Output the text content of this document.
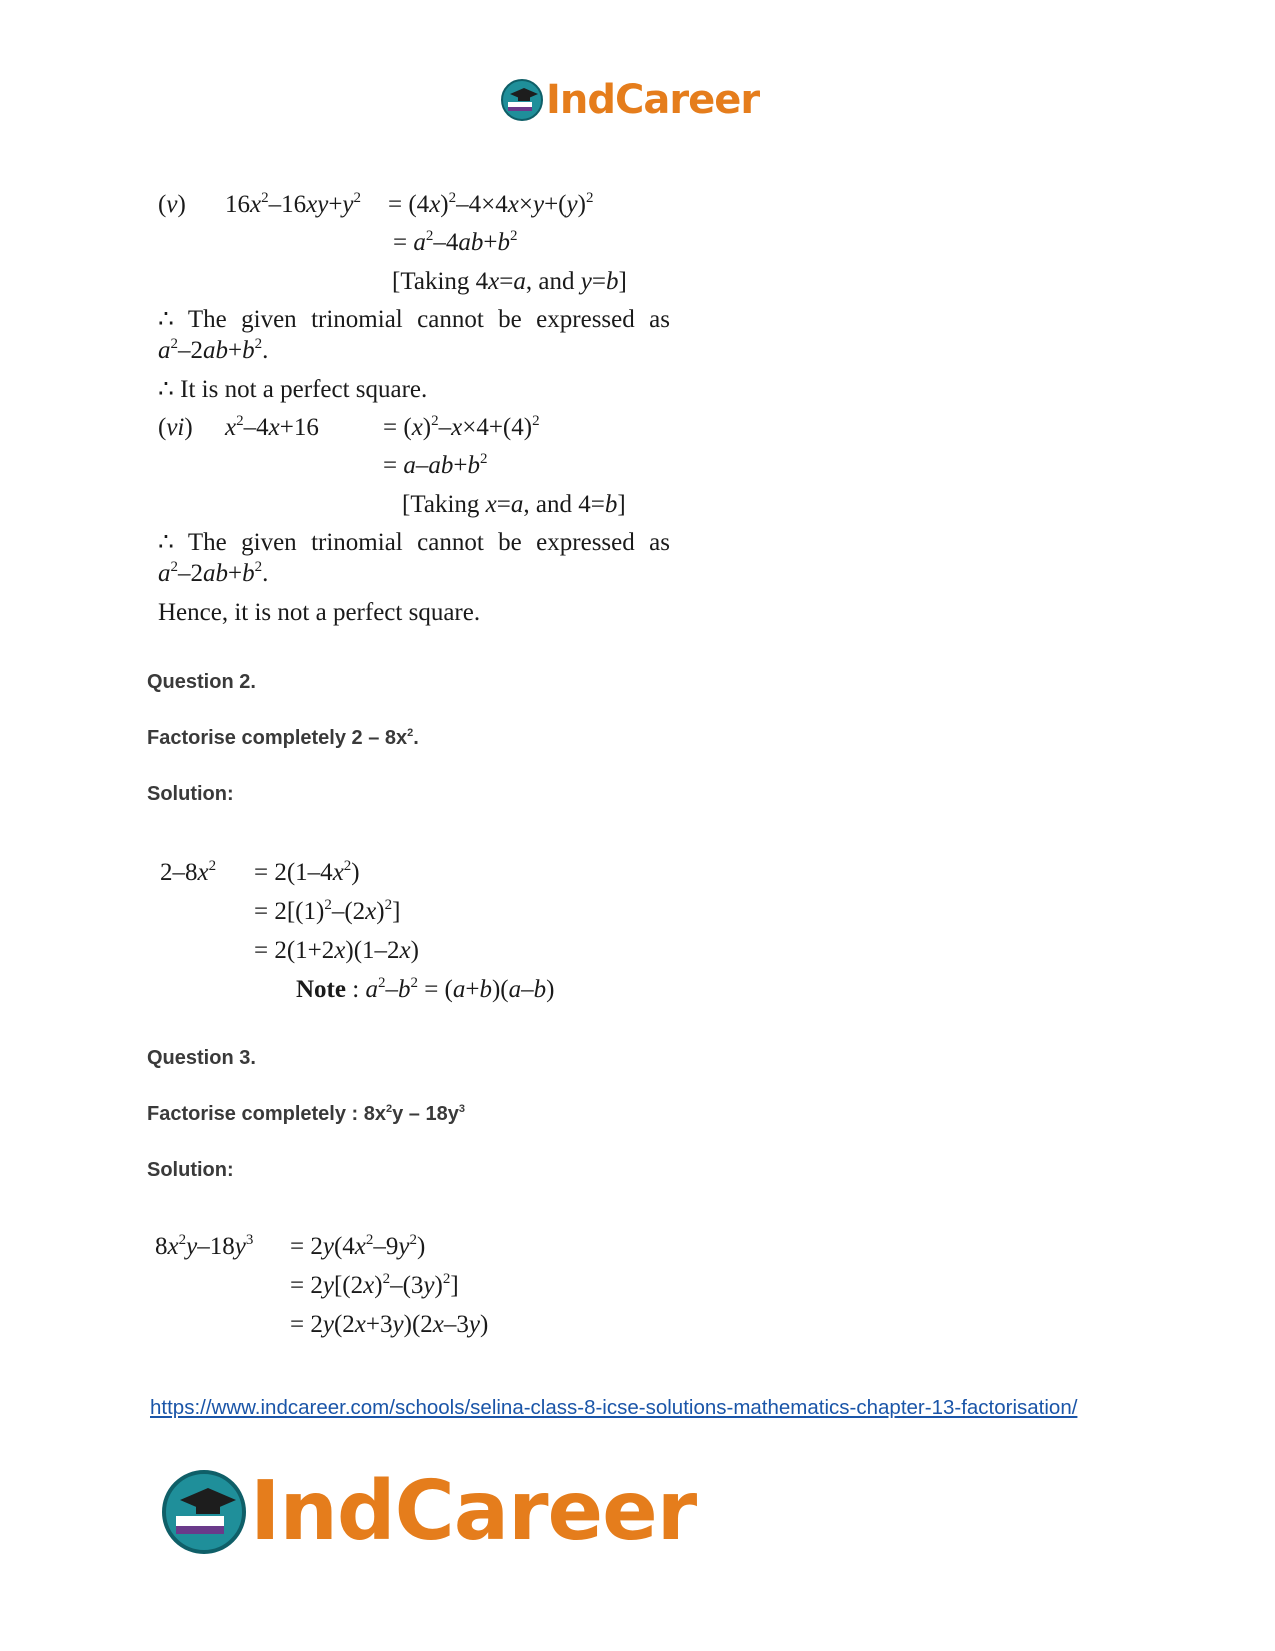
IndCareer
(v) $16x^2-16xy+y^2 = (4x)^2-4\times 4x\times y+(y)^2$
= $a^2-4ab+b^2$
[Taking 4x=a, and y=b]
∴ The given trinomial cannot be expressed as
$a^2-2ab+b^2$.
∴ It is not a perfect square.
(vi) $x^2-4x+16$	= $(x)^2-x\times 4+(4)^2$
= $a-ab+b^2$
[Taking x=a, and 4=b]
∴ The given trinomial cannot be expressed as
$a^2-2ab+b^2$.
Hence, it is not a perfect square.
Question 2.
Factorise completely $2 - 8x^2$.
Solution:
$2-8x^2 = 2(1-4x^2)$
= $2[(1)^2-(2x)^2]$
= 2(1+2x)(1–2x)
Note : $a^2-b^2 = (a+b)(a-b)$
Question 3.
Factorise completely : $8x^2y - 18y^3$
Solution:
$8x^2y-18y^3 = 2y(4x^2-9y^2)$
= $2y[(2x)^2-(3y)^2]$
= 2y(2x+3y)(2x–3y)
https://www.indcareer.com/schools/selina-class-8-icse-solutions-mathematics-chapter-13-factorisation/
IndCareer
